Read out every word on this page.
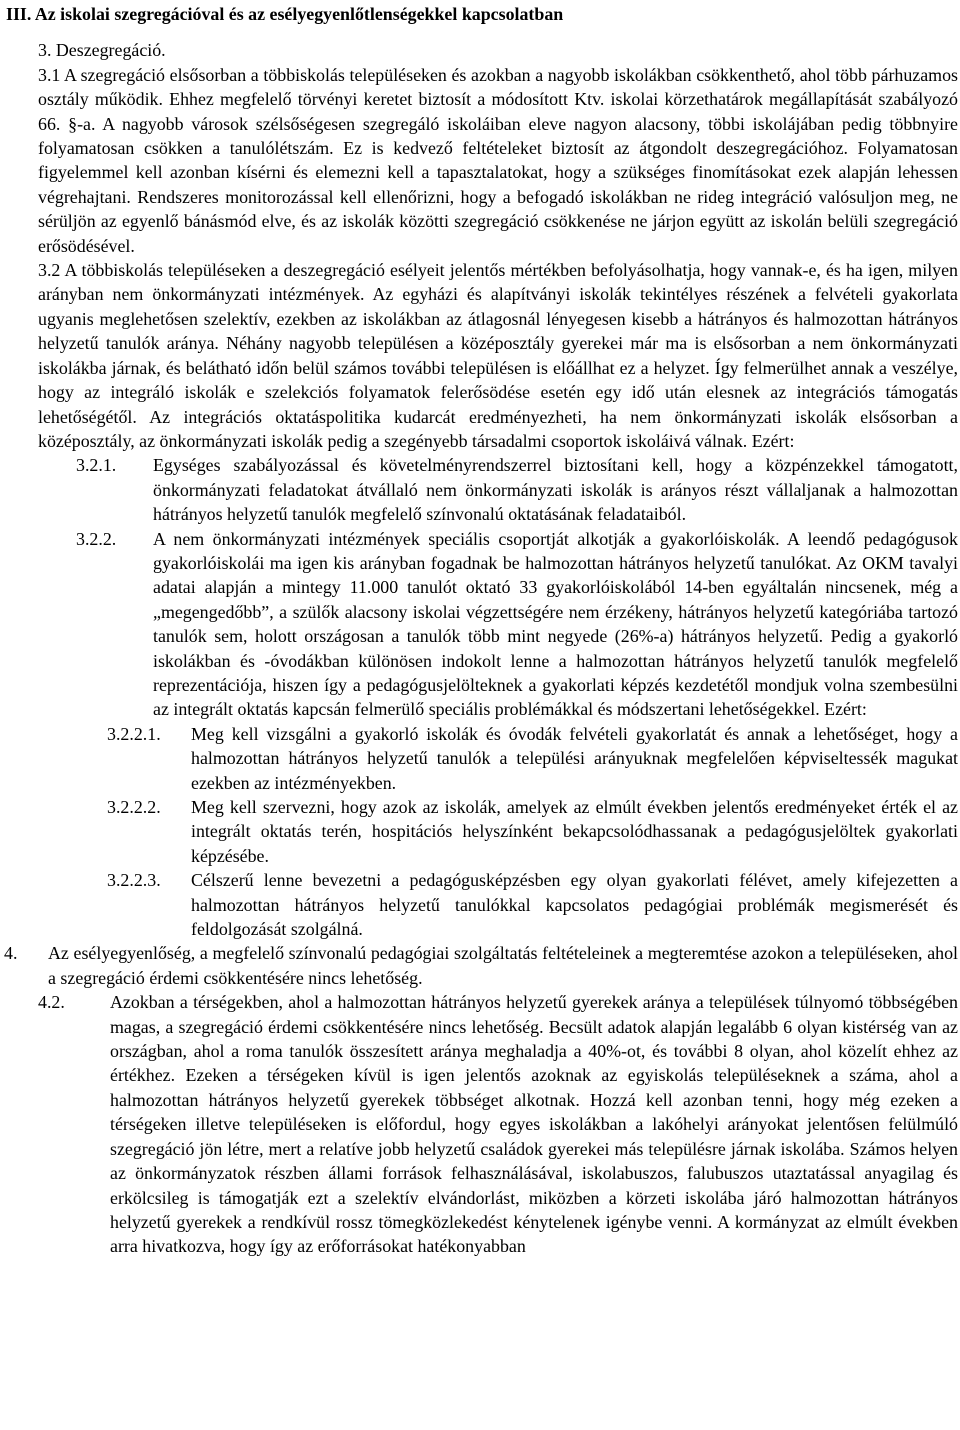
III. Az iskolai szegregációval és az esélyegyenlőtlenségekkel kapcsolatban
3. Deszegregáció.

3.1 A szegregáció elsősorban a többiskolás településeken és azokban a nagyobb iskolákban csökkenthető, ahol több párhuzamos osztály működik. Ehhez megfelelő törvényi keretet biztosít a módosított Ktv. iskolai körzethatárok megállapítását szabályozó 66. §-a. A nagyobb városok szélsőségesen szegregáló iskoláiban eleve nagyon alacsony, többi iskolájában pedig többnyire folyamatosan csökken a tanulólétszám. Ez is kedvező feltételeket biztosít az átgondolt deszegregációhoz. Folyamatosan figyelemmel kell azonban kísérni és elemezni kell a tapasztalatokat, hogy a szükséges finomításokat ezek alapján lehessen végrehajtani. Rendszeres monitorozással kell ellenőrizni, hogy a befogadó iskolákban ne rideg integráció valósuljon meg, ne sérüljön az egyenlő bánásmód elve, és az iskolák közötti szegregáció csökkenése ne járjon együtt az iskolán belüli szegregáció erősödésével.

3.2 A többiskolás településeken a deszegregáció esélyeit jelentős mértékben befolyásolhatja, hogy vannak-e, és ha igen, milyen arányban nem önkormányzati intézmények. Az egyházi és alapítványi iskolák tekintélyes részének a felvételi gyakorlata ugyanis meglehetősen szelektív, ezekben az iskolákban az átlagosnál lényegesen kisebb a hátrányos és halmozottan hátrányos helyzetű tanulók aránya. Néhány nagyobb településen a középosztály gyerekei már ma is elsősorban a nem önkormányzati iskolákba járnak, és belátható időn belül számos további településen is előállhat ez a helyzet. Így felmerülhet annak a veszélye, hogy az integráló iskolák e szelekciós folyamatok felerősödése esetén egy idő után elesnek az integrációs támogatás lehetőségétől. Az integrációs oktatáspolitika kudarcát eredményezheti, ha nem önkormányzati iskolák elsősorban a középosztály, az önkormányzati iskolák pedig a szegényebb társadalmi csoportok iskoláivá válnak. Ezért:

3.2.1.	Egységes szabályozással és követelményrendszerrel biztosítani kell, hogy a közpénzekkel támogatott, önkormányzati feladatokat átvállaló nem önkormányzati iskolák is arányos részt vállaljanak a halmozottan hátrányos helyzetű tanulók megfelelő színvonalú oktatásának feladataiból.
3.2.2.	A nem önkormányzati intézmények speciális csoportját alkotják a gyakorlóiskolák. A leendő pedagógusok gyakorlóiskolái ma igen kis arányban fogadnak be halmozottan hátrányos helyzetű tanulókat. Az OKM tavalyi adatai alapján a mintegy 11.000 tanulót oktató 33 gyakorlóiskolából 14-ben egyáltalán nincsenek, még a „megengedőbb”, a szülők alacsony iskolai végzettségére nem érzékeny, hátrányos helyzetű kategóriába tartozó tanulók sem, holott országosan a tanulók több mint negyede (26%-a) hátrányos helyzetű. Pedig a gyakorló iskolákban és -óvodákban különösen indokolt lenne a halmozottan hátrányos helyzetű tanulók megfelelő reprezentációja, hiszen így a pedagógusjelölteknek a gyakorlati képzés kezdetétől mondjuk volna szembesülni az integrált oktatás kapcsán felmerülő speciális problémákkal és módszertani lehetőségekkel. Ezért:
3.2.2.1.	Meg kell vizsgálni a gyakorló iskolák és óvodák felvételi gyakorlatát és annak a lehetőséget, hogy a halmozottan hátrányos helyzetű tanulók a települési arányuknak megfelelően képviseltessék magukat ezekben az intézményekben.
3.2.2.2.	Meg kell szervezni, hogy azok az iskolák, amelyek az elmúlt években jelentős eredményeket érték el az integrált oktatás terén, hospitációs helyszínként bekapcsolódhassanak a pedagógusjelöltek gyakorlati képzésébe.
3.2.2.3.	Célszerű lenne bevezetni a pedagógusképzésben egy olyan gyakorlati félévet, amely kifejezetten a halmozottan hátrányos helyzetű tanulókkal kapcsolatos pedagógiai problémák megismerését és feldolgozását szolgálná.
4.	Az esélyegyenlőség, a megfelelő színvonalú pedagógiai szolgáltatás feltételeinek a megteremtése azokon a településeken, ahol a szegregáció érdemi csökkentésére nincs lehetőség.
4.2.	Azokban a térségekben, ahol a halmozottan hátrányos helyzetű gyerekek aránya a települések túlnyomó többségében magas, a szegregáció érdemi csökkentésére nincs lehetőség. Becsült adatok alapján legalább 6 olyan kistérség van az országban, ahol a roma tanulók összesített aránya meghaladja a 40%-ot, és további 8 olyan, ahol közelít ehhez az értékhez. Ezeken a térségeken kívül is igen jelentős azoknak az egyiskolás településeknek a száma, ahol a halmozottan hátrányos helyzetű gyerekek többséget alkotnak. Hozzá kell azonban tenni, hogy még ezeken a térségeken illetve településeken is előfordul, hogy egyes iskolákban a lakóhelyi arányokat jelentősen felülmúló szegregáció jön létre, mert a relatíve jobb helyzetű családok gyerekei más településre járnak iskolába. Számos helyen az önkormányzatok részben állami források felhasználásával, iskolabuszos, falubuszos utaztatással anyagilag és erkölcsileg is támogatják ezt a szelektív elvándorlást, miközben a körzeti iskolába járó halmozottan hátrányos helyzetű gyerekek a rendkívül rossz tömegközlekedést kénytelenek igénybe venni. A kormányzat az elmúlt években arra hivatkozva, hogy így az erőforrásokat hatékonyabban
